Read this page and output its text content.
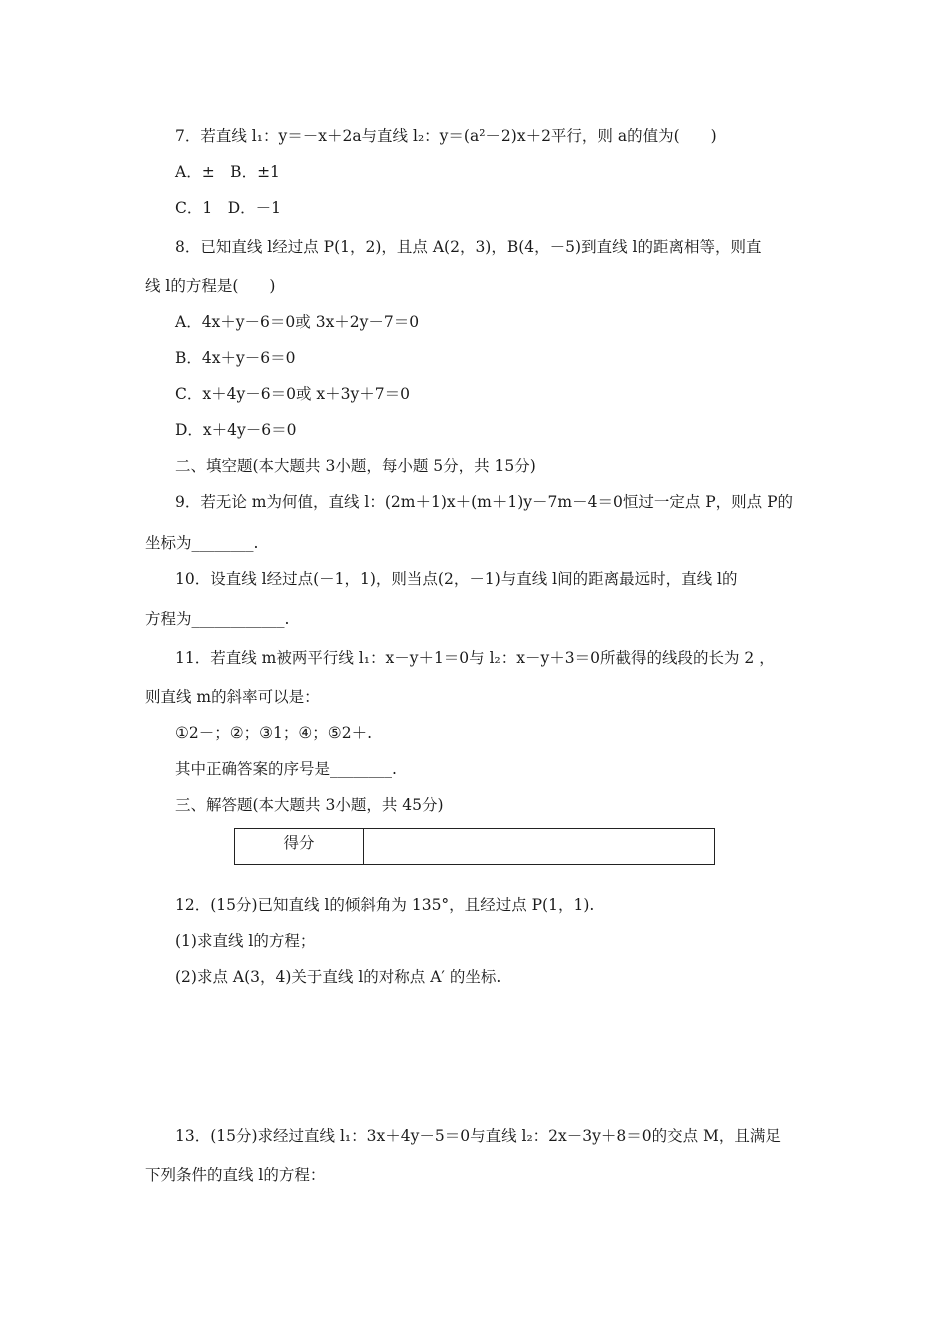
7．若直线 l₁：y＝－x＋2a与直线 l₂：y＝(a²－2)x＋2平行，则 a的值为(　　)
A．±　B．±1
C．1　D．－1
8．已知直线 l经过点 P(1，2)，且点 A(2，3)，B(4，－5)到直线 l的距离相等，则直
线 l的方程是(　　)
A．4x＋y－6＝0或 3x＋2y－7＝0
B．4x＋y－6＝0
C．x＋4y－6＝0或 x＋3y＋7＝0
D．x＋4y－6＝0
二、填空题(本大题共 3小题，每小题 5分，共 15分)
9．若无论 m为何值，直线 l：(2m＋1)x＋(m＋1)y－7m－4＝0恒过一定点 P，则点 P的
坐标为________.
10．设直线 l经过点(－1，1)，则当点(2，－1)与直线 l间的距离最远时，直线 l的
方程为____________.
11．若直线 m被两平行线 l₁：x－y＋1＝0与 l₂：x－y＋3＝0所截得的线段的长为 2 ，
则直线 m的斜率可以是：
①2－；②；③1；④；⑤2＋.
其中正确答案的序号是________.
三、解答题(本大题共 3小题，共 45分)
得分
12．(15分)已知直线 l的倾斜角为 135°，且经过点 P(1，1).
(1)求直线 l的方程；
(2)求点 A(3，4)关于直线 l的对称点 A′ 的坐标.
13．(15分)求经过直线 l₁：3x＋4y－5＝0与直线 l₂：2x－3y＋8＝0的交点 M，且满足
下列条件的直线 l的方程：
